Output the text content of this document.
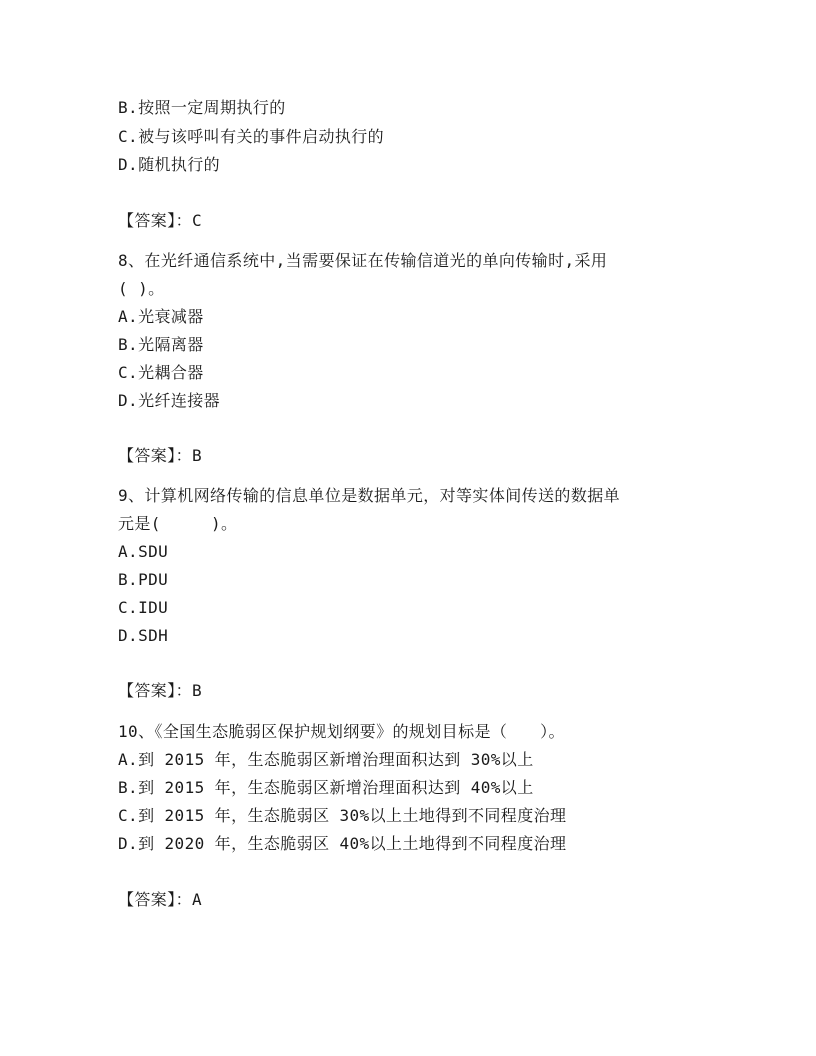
B.按照一定周期执行的
C.被与该呼叫有关的事件启动执行的
D.随机执行的
【答案】：C
8、在光纤通信系统中,当需要保证在传输信道光的单向传输时,采用
( )。
A.光衰减器
B.光隔离器
C.光耦合器
D.光纤连接器
【答案】：B
9、计算机网络传输的信息单位是数据单元，对等实体间传送的数据单
元是(     )。
A.SDU
B.PDU
C.IDU
D.SDH
【答案】：B
10、《全国生态脆弱区保护规划纲要》的规划目标是（　　）。
A.到 2015 年，生态脆弱区新增治理面积达到 30%以上
B.到 2015 年，生态脆弱区新增治理面积达到 40%以上
C.到 2015 年，生态脆弱区 30%以上土地得到不同程度治理
D.到 2020 年，生态脆弱区 40%以上土地得到不同程度治理
【答案】：A
